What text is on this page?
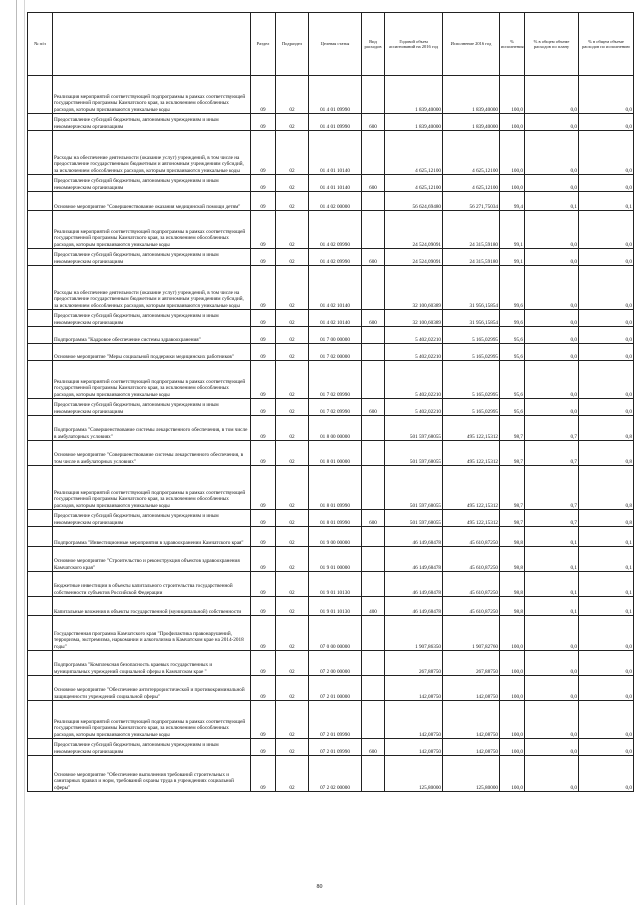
№ п/п		Раздел	Подраздел	Целевая статья	Вид расходов	Годовой объем ассигнований на 2016 год	Исполнение 2016 год	% исполнения	% в общем объеме расходов по плану	% в общем объеме расходов по исполнению
	Реализация мероприятий соответствующей подпрограммы в рамках соответствующей государственной программы Камчатского края, за исключением обособленных расходов, которым присваиваются уникальные коды	09	02	01 4 01 09990		1 839,40000	1 839,40000	100,0	0,0	0,0
	Предоставление субсидий бюджетным, автономным учреждениям и иным некоммерческим организациям	09	02	01 4 01 09990	600	1 839,40000	1 839,40000	100,0	0,0	0,0
	Расходы на обеспечение деятельности (оказание услуг) учреждений, в том числе на предоставление государственным бюджетным и автономным учреждениям субсидий, за исключением обособленных расходов, которым присваиваются уникальные коды	09	02	01 4 01 10140		4 625,12100	4 625,12100	100,0	0,0	0,0
	Предоставление субсидий бюджетным, автономным учреждениям и иным некоммерческим организациям	09	02	01 4 01 10140	600	4 625,12100	4 625,12100	100,0	0,0	0,0
	Основное мероприятие "Совершенствование оказания медицинской помощи детям"	09	02	01 4 02 00000		56 624,69480	56 271,75034	99,4	0,1	0,1
	Реализация мероприятий соответствующей подпрограммы в рамках соответствующей государственной программы Камчатского края, за исключением обособленных расходов, которым присваиваются уникальные коды	09	02	01 4 02 09990		24 524,09091	24 315,59180	99,1	0,0	0,0
	Предоставление субсидий бюджетным, автономным учреждениям и иным некоммерческим организациям	09	02	01 4 02 09990	600	24 524,09091	24 315,59180	99,1	0,0	0,0
	Расходы на обеспечение деятельности (оказание услуг) учреждений, в том числе на предоставление государственным бюджетным и автономным учреждениям субсидий, за исключением обособленных расходов, которым присваиваются уникальные коды	09	02	01 4 02 10140		32 100,60389	31 956,15854	99,6	0,0	0,0
	Предоставление субсидий бюджетным, автономным учреждениям и иным некоммерческим организациям	09	02	01 4 02 10140	600	32 100,60389	31 956,15854	99,6	0,0	0,0
	Подпрограмма "Кадровое обеспечение системы здравоохранения"	09	02	01 7 00 00000		5 402,02210	5 165,02995	95,6	0,0	0,0
	Основное мероприятие "Меры социальной поддержки медицинских работников"	09	02	01 7 02 00000		5 402,02210	5 165,02995	95,6	0,0	0,0
	Реализация мероприятий соответствующей подпрограммы в рамках соответствующей государственной программы Камчатского края, за исключением обособленных расходов, которым присваиваются уникальные коды	09	02	01 7 02 09990		5 402,02210	5 165,02995	95,6	0,0	0,0
	Предоставление субсидий бюджетным, автономным учреждениям и иным некоммерческим организациям	09	02	01 7 02 09990	600	5 402,02210	5 165,02995	95,6	0,0	0,0
	Подпрограмма "Совершенствование системы лекарственного обеспечения, в том числе в амбулаторных условиях"	09	02	01 8 00 00000		501 597,68055	495 122,15312	98,7	0,7	0,8
	Основное мероприятие "Совершенствование системы лекарственного обеспечения, в том числе в амбулаторных условиях"	09	02	01 8 01 00000		501 597,68055	495 122,15312	98,7	0,7	0,8
	Реализация мероприятий соответствующей подпрограммы в рамках соответствующей государственной программы Камчатского края, за исключением обособленных расходов, которым присваиваются уникальные коды	09	02	01 8 01 09990		501 597,68055	495 122,15312	98,7	0,7	0,8
	Предоставление субсидий бюджетным, автономным учреждениям и иным некоммерческим организациям	09	02	01 8 01 09990	600	501 597,68055	495 122,15312	98,7	0,7	0,8
	Подпрограмма "Инвестиционные мероприятия в здравоохранении Камчатского края"	09	02	01 9 00 00000		46 149,68478	45 610,87250	98,8	0,1	0,1
	Основное мероприятие "Строительство и реконструкция объектов здравоохранения Камчатского края"	09	02	01 9 01 00000		46 149,68478	45 610,87250	98,8	0,1	0,1
	Бюджетные инвестиции в объекты капитального строительства государственной собственности субъектов Российской Федерации	09	02	01 9 01 10130		46 149,68478	45 610,87250	98,8	0,1	0,1
	Капитальные вложения в объекты государственной (муниципальной) собственности	09	02	01 9 01 10130	400	46 149,68478	45 610,87250	98,8	0,1	0,1
	Государственная программа Камчатского края "Профилактика правонарушений, терроризма, экстремизма, наркомании и алкоголизма в Камчатском крае на 2014-2018 годы"	09	02	07 0 00 00000		1 907,86350	1 907,82760	100,0	0,0	0,0
	Подпрограмма "Комплексная безопасность краевых государственных и муниципальных учреждений социальной сферы в Камчатском крае "	09	02	07 2 00 00000		267,88750	267,88750	100,0	0,0	0,0
	Основное мероприятие "Обеспечение антитеррористической и противокриминальной защищенности учреждений социальной сферы"	09	02	07 2 01 00000		142,08750	142,08750	100,0	0,0	0,0
	Реализация мероприятий соответствующей подпрограммы в рамках соответствующей государственной программы Камчатского края, за исключением обособленных расходов, которым присваиваются уникальные коды	09	02	07 2 01 09990		142,08750	142,08750	100,0	0,0	0,0
	Предоставление субсидий бюджетным, автономным учреждениям и иным некоммерческим организациям	09	02	07 2 01 09990	600	142,08750	142,08750	100,0	0,0	0,0
	Основное мероприятие "Обеспечение выполнения требований строительных и санитарных правил и норм, требований охраны труда в учреждениях социальной сферы"	09	02	07 2 02 00000		125,80000	125,80000	100,0	0,0	0,0
80
